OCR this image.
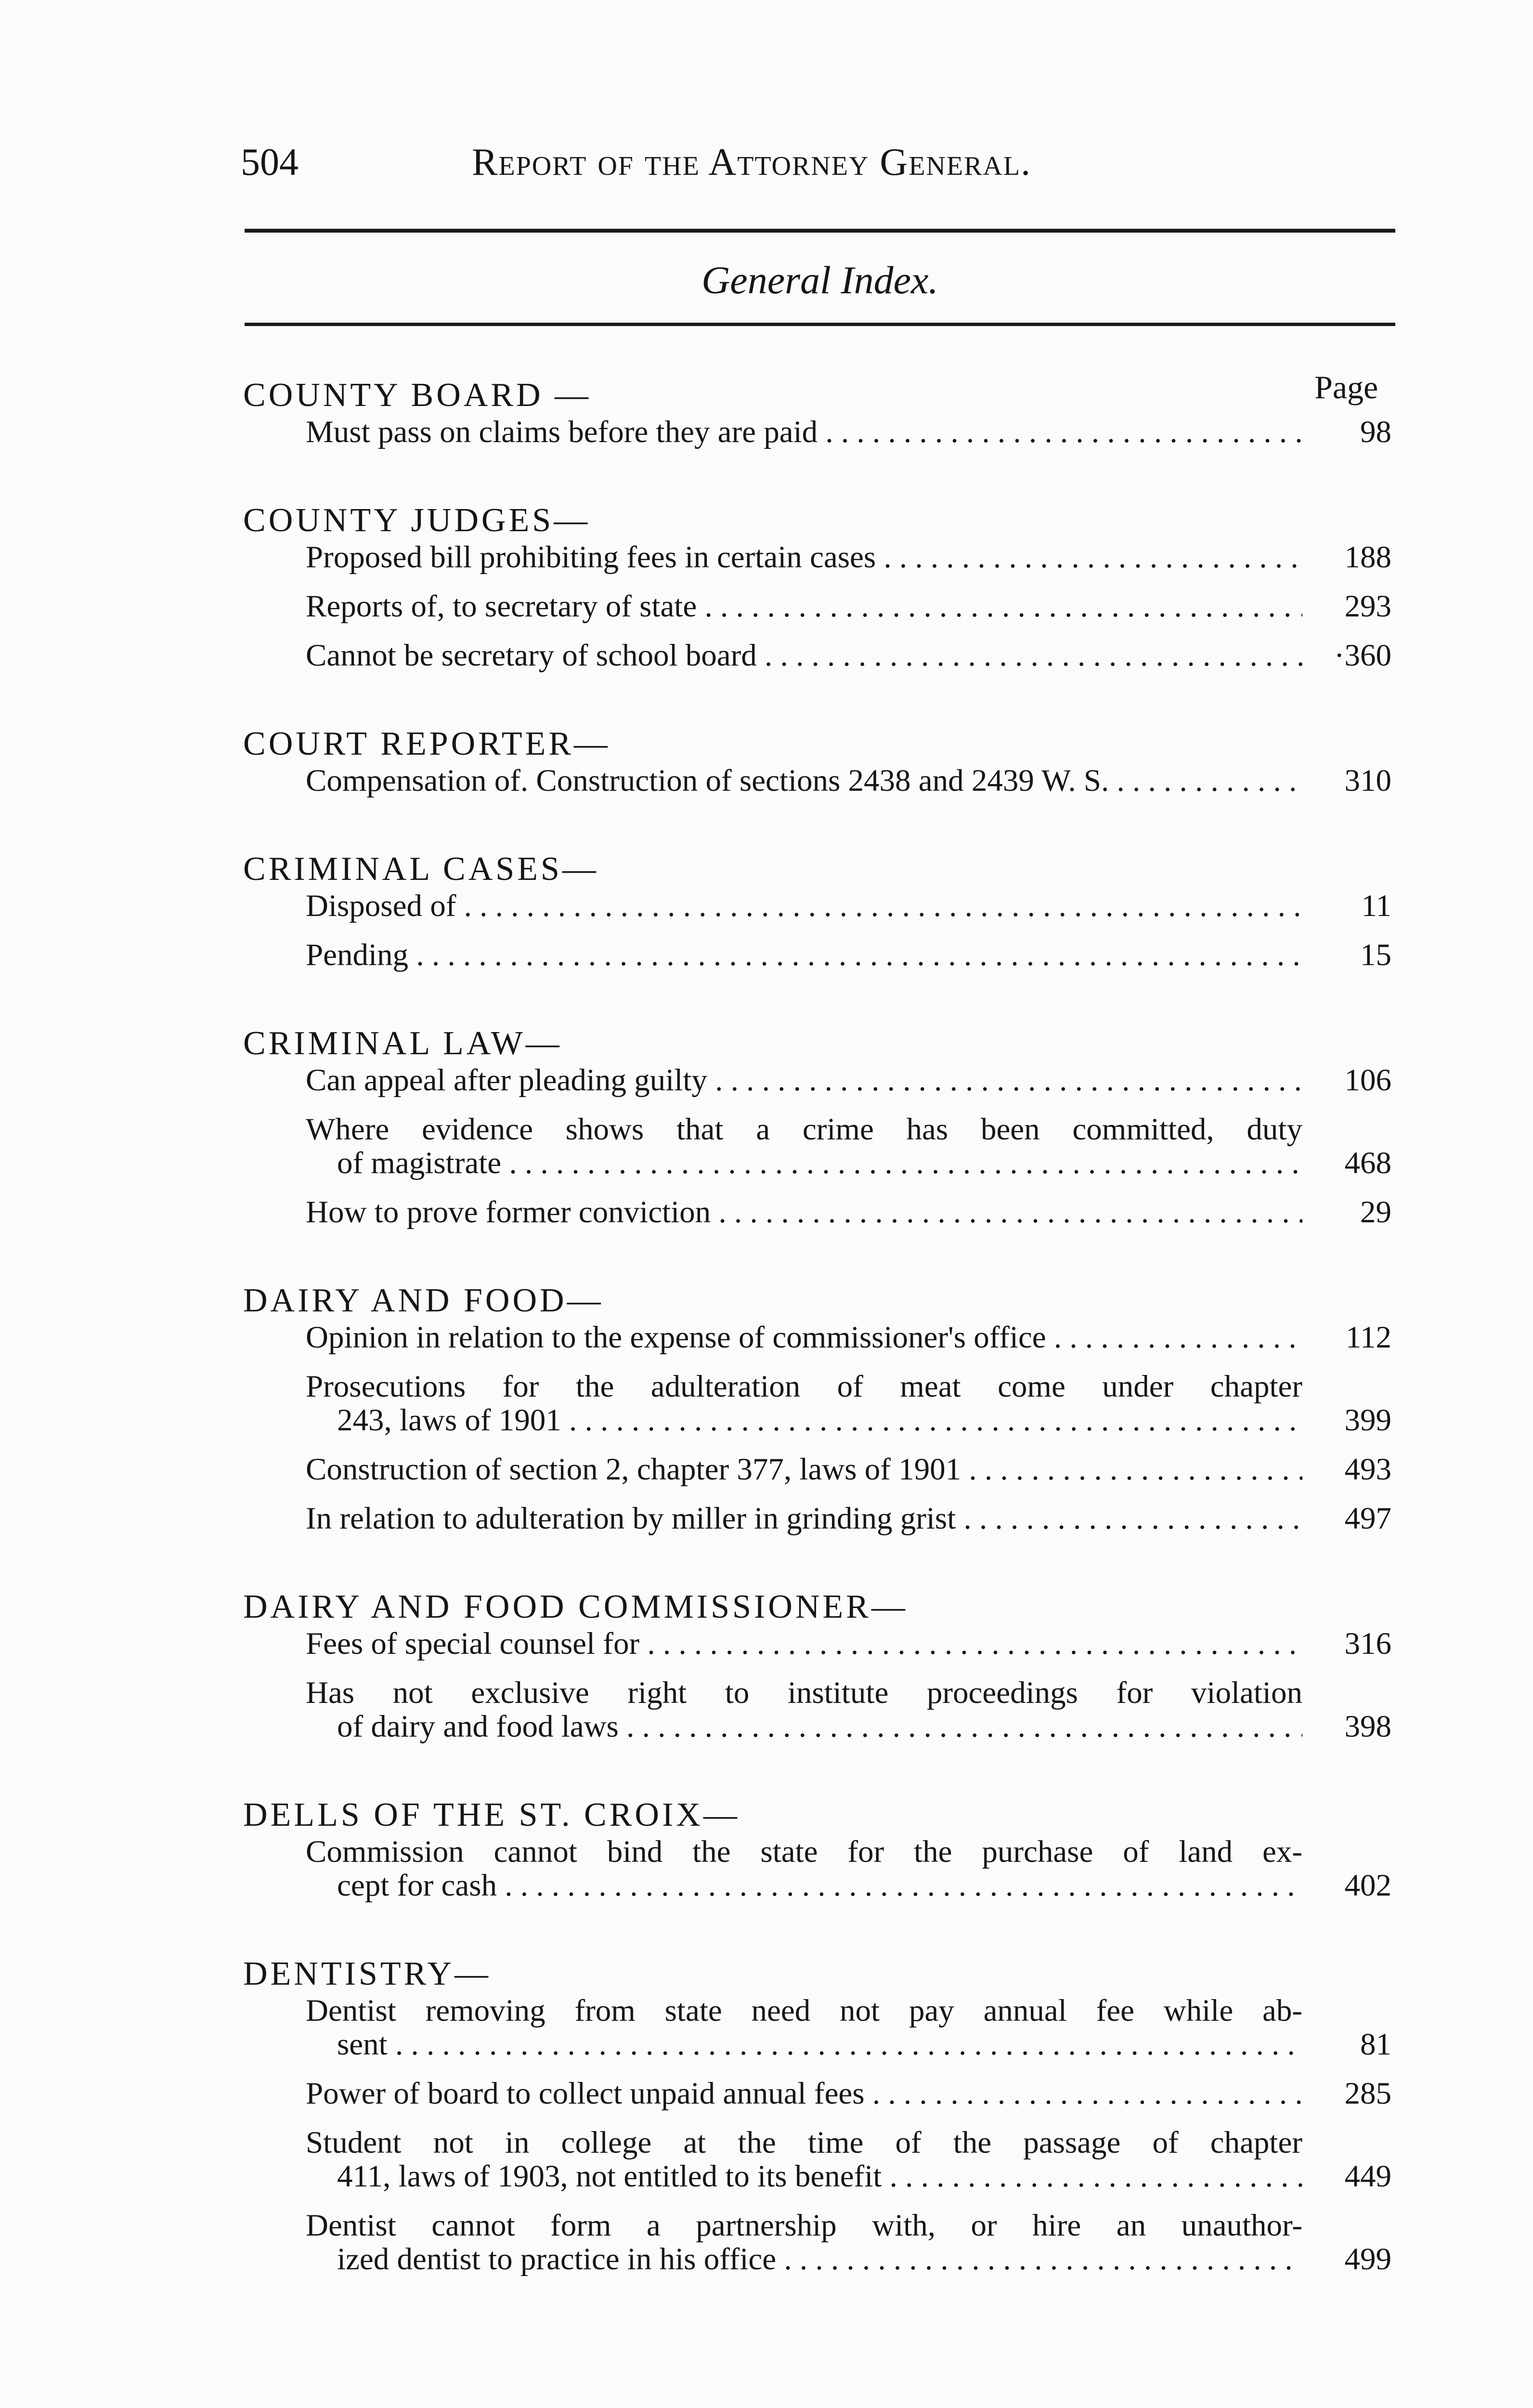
504	Report of the Attorney General.
General Index.
Page
COUNTY BOARD —
Must pass on claims before they are paid . . .	98
COUNTY JUDGES—
Proposed bill prohibiting fees in certain cases . . .	188
Reports of, to secretary of state . . .	293
Cannot be secretary of school board . . .	·360
COURT REPORTER—
Compensation of. Construction of sections 2438 and 2439 W. S. . . .	310
CRIMINAL CASES—
Disposed of . . .	11
Pending . . .	15
CRIMINAL LAW—
Can appeal after pleading guilty . . .	106
Where evidence shows that a crime has been committed, duty
of magistrate . . .	468
How to prove former conviction . . .	29
DAIRY AND FOOD—
Opinion in relation to the expense of commissioner's office . . .	112
Prosecutions for the adulteration of meat come under chapter
243, laws of 1901 . . .	399
Construction of section 2, chapter 377, laws of 1901 . . .	493
In relation to adulteration by miller in grinding grist . . .	497
DAIRY AND FOOD COMMISSIONER—
Fees of special counsel for . . .	316
Has not exclusive right to institute proceedings for violation
of dairy and food laws . . .	398
DELLS OF THE ST. CROIX—
Commission cannot bind the state for the purchase of land ex-
cept for cash . . .	402
DENTISTRY—
Dentist removing from state need not pay annual fee while ab-
sent . . .	81
Power of board to collect unpaid annual fees . . .	285
Student not in college at the time of the passage of chapter
411, laws of 1903, not entitled to its benefit . . .	449
Dentist cannot form a partnership with, or hire an unauthor-
ized dentist to practice in his office . . .	499
